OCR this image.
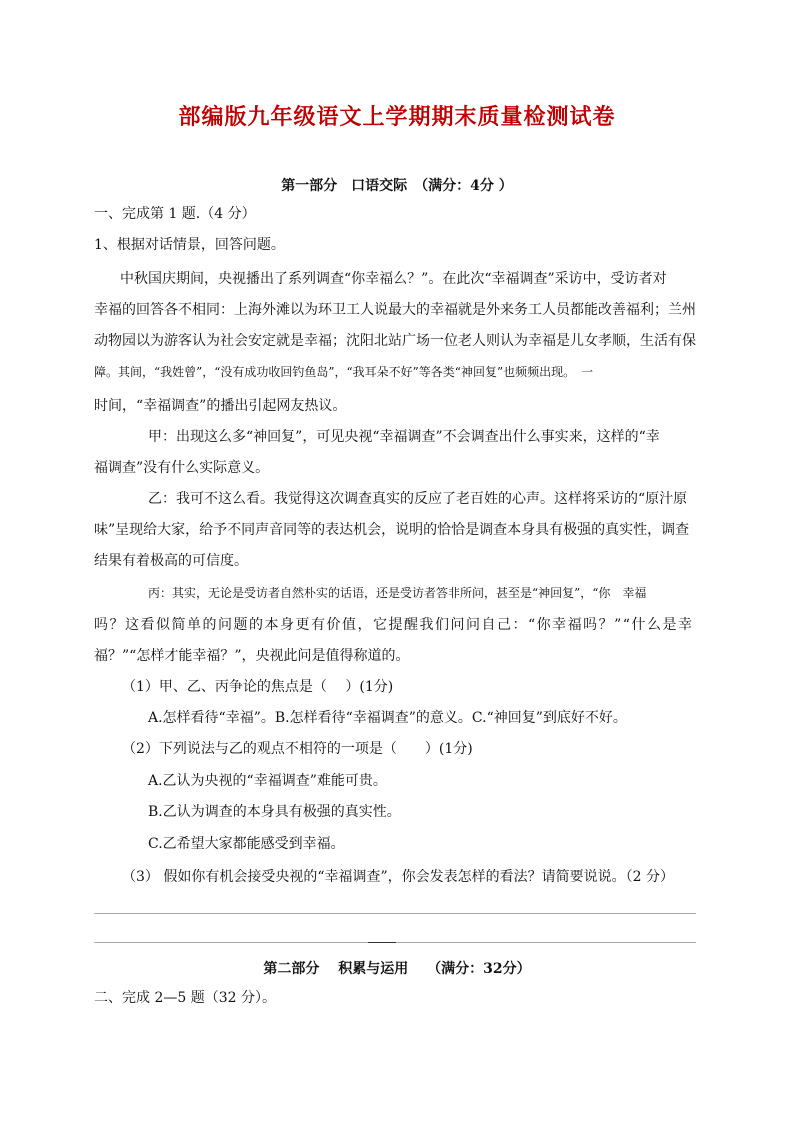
部编版九年级语文上学期期末质量检测试卷
第一部分　口语交际　（满分：4分 ）
一、完成第 1 题.（4 分）
1、根据对话情景，回答问题。
中秋国庆期间，央视播出了系列调查“你幸福么？”。在此次“幸福调查”采访中，受访者对
幸福的回答各不相同：上海外滩以为环卫工人说最大的幸福就是外来务工人员都能改善福利；兰州
动物园以为游客认为社会安定就是幸福；沈阳北站广场一位老人则认为幸福是儿女孝顺，生活有保
障。其间，“我姓曾”，“没有成功收回钓鱼岛”，“我耳朵不好”等各类“神回复”也频频出现。　一
时间，“幸福调查”的播出引起网友热议。
甲：出现这么多“神回复”，可见央视“幸福调查”不会调查出什么事实来，这样的“幸
福调查”没有什么实际意义。
乙：我可不这么看。我觉得这次调查真实的反应了老百姓的心声。这样将采访的“原汁原
味”呈现给大家，给予不同声音同等的表达机会，说明的恰恰是调查本身具有极强的真实性，调查
结果有着极高的可信度。
丙：其实，无论是受访者自然朴实的话语，还是受访者答非所问，甚至是“神回复”，“你　幸福
吗？这看似简单的问题的本身更有价值，它提醒我们问问自己：“你幸福吗？”“什么是幸
福？”“怎样才能幸福？”，央视此问是值得称道的。
（1）甲、乙、丙争论的焦点是（　 ）(1分)
A.怎样看待“幸福”。B.怎样看待“幸福调查”的意义。C.“神回复”到底好不好。
（2）下列说法与乙的观点不相符的一项是（　　）(1分)
A.乙认为央视的“幸福调查”难能可贵。
B.乙认为调查的本身具有极强的真实性。
C.乙希望大家都能感受到幸福。
（3） 假如你有机会接受央视的“幸福调查”，你会发表怎样的看法？请简要说说。（2 分）
第二部分　 积累与运用　 （满分：32分）
二、完成 2—5 题（32 分）。
